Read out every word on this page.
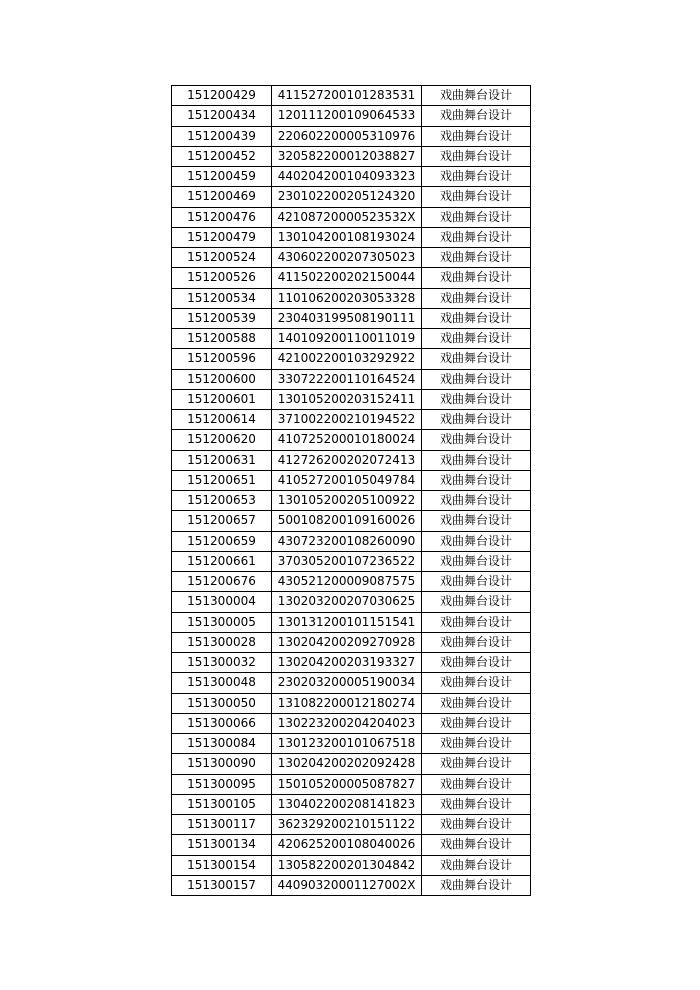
151200429	411527200101283531	戏曲舞台设计
151200434	120111200109064533	戏曲舞台设计
151200439	220602200005310976	戏曲舞台设计
151200452	320582200012038827	戏曲舞台设计
151200459	440204200104093323	戏曲舞台设计
151200469	230102200205124320	戏曲舞台设计
151200476	42108720000523532X	戏曲舞台设计
151200479	130104200108193024	戏曲舞台设计
151200524	430602200207305023	戏曲舞台设计
151200526	411502200202150044	戏曲舞台设计
151200534	110106200203053328	戏曲舞台设计
151200539	230403199508190111	戏曲舞台设计
151200588	140109200110011019	戏曲舞台设计
151200596	421002200103292922	戏曲舞台设计
151200600	330722200110164524	戏曲舞台设计
151200601	130105200203152411	戏曲舞台设计
151200614	371002200210194522	戏曲舞台设计
151200620	410725200010180024	戏曲舞台设计
151200631	412726200202072413	戏曲舞台设计
151200651	410527200105049784	戏曲舞台设计
151200653	130105200205100922	戏曲舞台设计
151200657	500108200109160026	戏曲舞台设计
151200659	430723200108260090	戏曲舞台设计
151200661	370305200107236522	戏曲舞台设计
151200676	430521200009087575	戏曲舞台设计
151300004	130203200207030625	戏曲舞台设计
151300005	130131200101151541	戏曲舞台设计
151300028	130204200209270928	戏曲舞台设计
151300032	130204200203193327	戏曲舞台设计
151300048	230203200005190034	戏曲舞台设计
151300050	131082200012180274	戏曲舞台设计
151300066	130223200204204023	戏曲舞台设计
151300084	130123200101067518	戏曲舞台设计
151300090	130204200202092428	戏曲舞台设计
151300095	150105200005087827	戏曲舞台设计
151300105	130402200208141823	戏曲舞台设计
151300117	362329200210151122	戏曲舞台设计
151300134	420625200108040026	戏曲舞台设计
151300154	130582200201304842	戏曲舞台设计
151300157	44090320001127002X	戏曲舞台设计
